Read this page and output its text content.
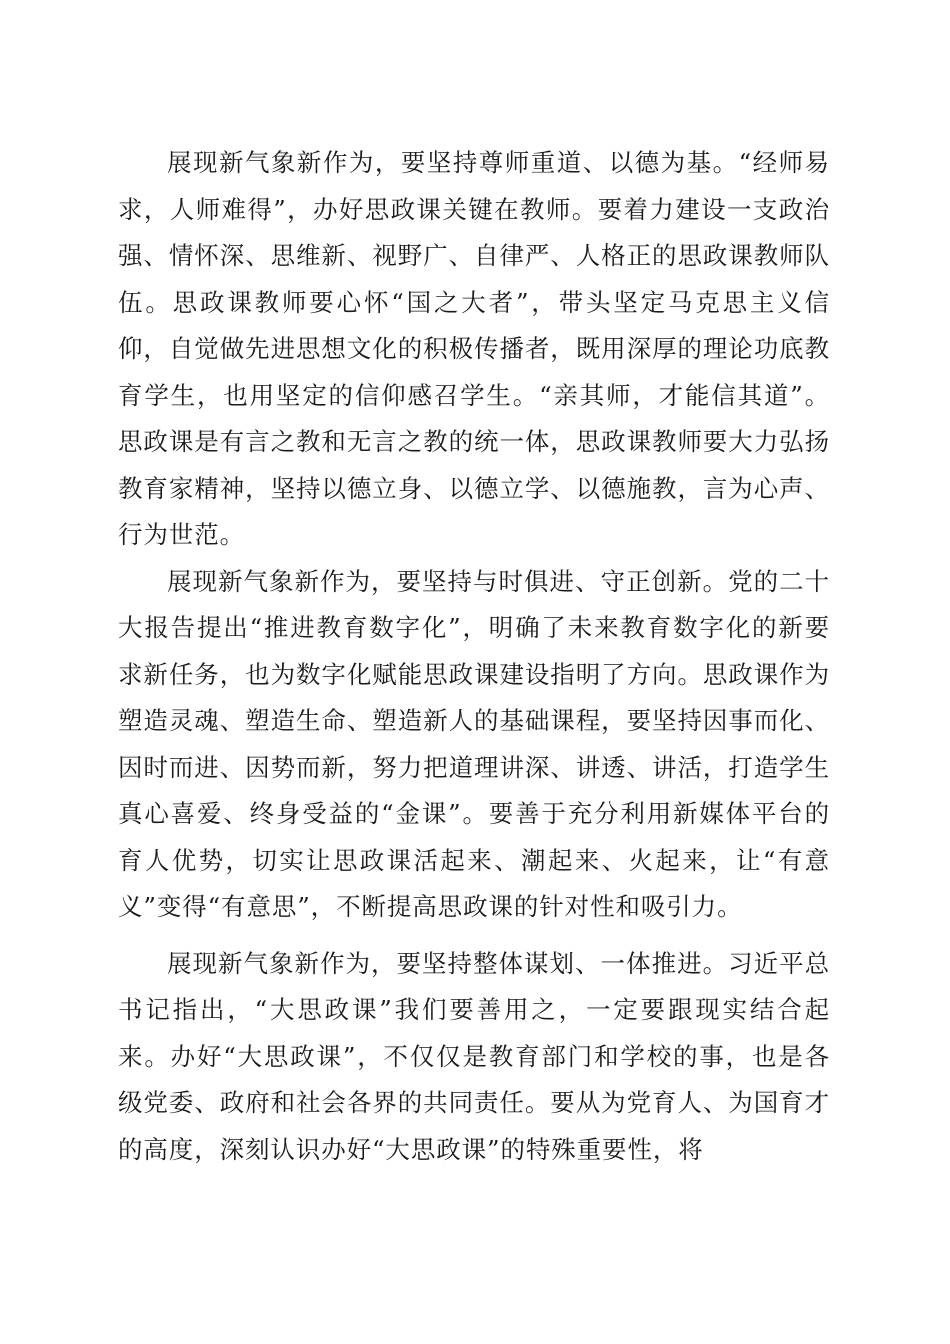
展现新气象新作为，要坚持尊师重道、以德为基。“经师易求，人师难得”，办好思政课关键在教师。要着力建设一支政治强、情怀深、思维新、视野广、自律严、人格正的思政课教师队伍。思政课教师要心怀“国之大者”，带头坚定马克思主义信仰，自觉做先进思想文化的积极传播者，既用深厚的理论功底教育学生，也用坚定的信仰感召学生。“亲其师，才能信其道”。思政课是有言之教和无言之教的统一体，思政课教师要大力弘扬教育家精神，坚持以德立身、以德立学、以德施教，言为心声、行为世范。

展现新气象新作为，要坚持与时俱进、守正创新。党的二十大报告提出“推进教育数字化”，明确了未来教育数字化的新要求新任务，也为数字化赋能思政课建设指明了方向。思政课作为塑造灵魂、塑造生命、塑造新人的基础课程，要坚持因事而化、因时而进、因势而新，努力把道理讲深、讲透、讲活，打造学生真心喜爱、终身受益的“金课”。要善于充分利用新媒体平台的育人优势，切实让思政课活起来、潮起来、火起来，让“有意义”变得“有意思”，不断提高思政课的针对性和吸引力。

展现新气象新作为，要坚持整体谋划、一体推进。习近平总书记指出，“大思政课”我们要善用之，一定要跟现实结合起来。办好“大思政课”，不仅仅是教育部门和学校的事，也是各级党委、政府和社会各界的共同责任。要从为党育人、为国育才的高度，深刻认识办好“大思政课”的特殊重要性，将
